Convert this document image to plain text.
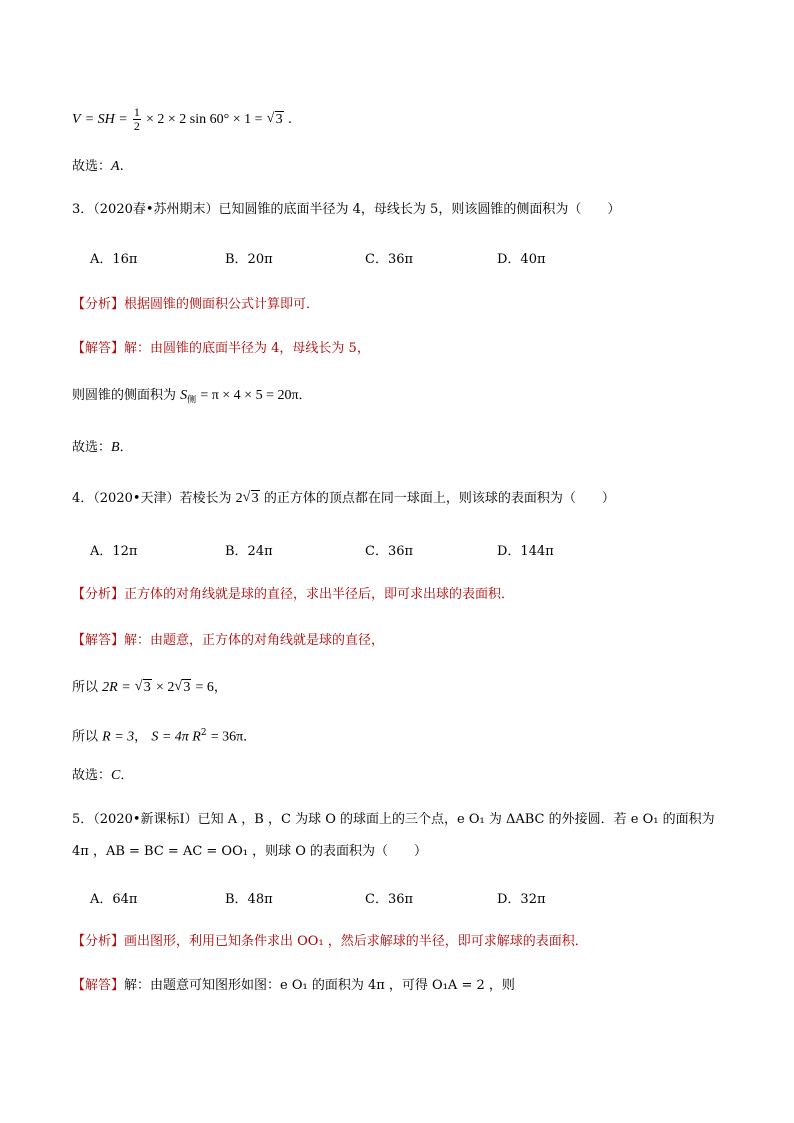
V = SH = $\frac{1}{2} \times 2 \times 2$ sin 60° × 1 = √ 3 .
故选：A.
3．（2020春•苏州期末）已知圆锥的底面半径为 4，母线长为 5，则该圆锥的侧面积为（　　）
A．16π	B．20π	C．36π	D．40π
【分析】根据圆锥的侧面积公式计算即可．
【解答】解：由圆锥的底面半径为 4，母线长为 5，
则圆锥的侧面积为 $S_侧 = \pi \times 4 \times 5 = 20\pi$．
故选：B．
4．（2020•天津）若棱长为 2 √ 3 的正方体的顶点都在同一球面上，则该球的表面积为（　　）
A．12π	B．24π	C．36π	D．144π
【分析】正方体的对角线就是球的直径，求出半径后，即可求出球的表面积．
【解答】解：由题意，正方体的对角线就是球的直径，
所以 2R = √ 3 × 2 √ 3 = 6，
所以 R = 3， S = 4π $R^2 = 36\pi$．
故选：C．
5．（2020•新课标Ⅰ）已知 A ，B ，C 为球 O 的球面上的三个点，e O₁ 为 ΔABC 的外接圆．若 e O₁ 的面积为
4π ，AB = BC = AC = OO₁ ，则球 O 的表面积为（　　）
A．64π	B．48π	C．36π	D．32π
【分析】画出图形，利用已知条件求出 OO₁ ，然后求解球的半径，即可求解球的表面积．
【解答】解：由题意可知图形如图：e O₁ 的面积为 4π ，可得 O₁A = 2 ，则
